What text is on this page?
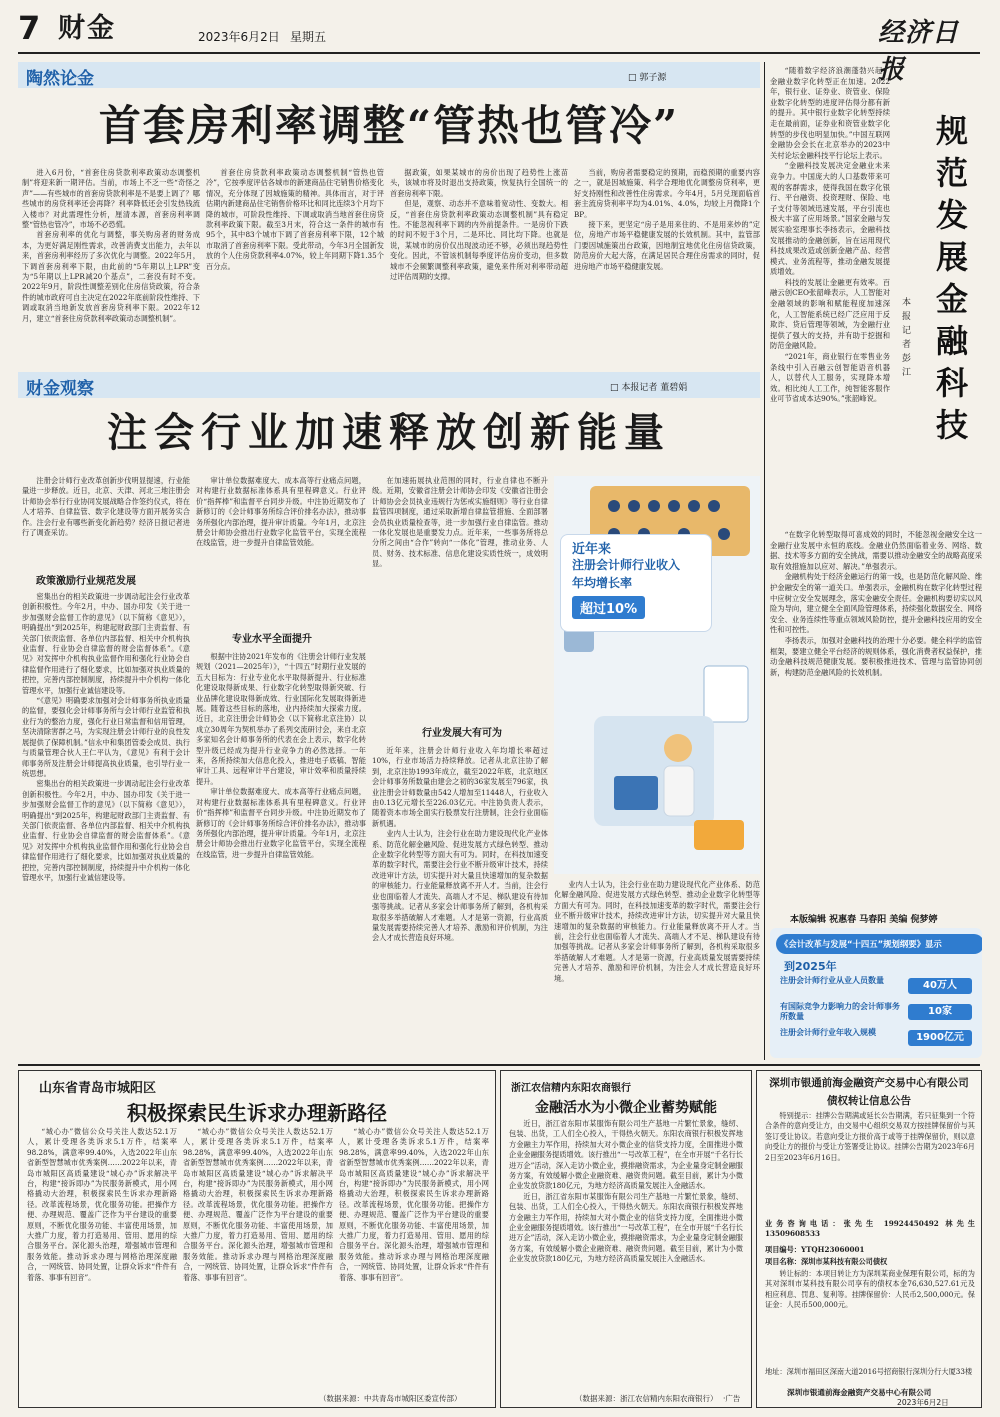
7 财金	2023年6月2日 星期五	经济日报
陶然论金	□ 郭子源
首套房利率调整“管热也管冷”

进入6月份，“首套住房贷款利率政策动态调整机制”将迎来新一期评估。当前，市场上不乏一些“奇怪之声”——有些城市的首套房贷款利率是不是要上调了？哪些城市的房贷利率还会再降？利率降低还会引发热钱流入楼市？对此需理性分析，厘清本源，首套房利率调整“管热也管冷”，市场不必恐慌。

首套房利率的优化与调整，事关购房者的财务成本，为更好满足刚性需求，改善消费支出能力，去年以来，首套房利率经历了多次优化与调整。2022年5月，下调首套房利率下限，由此前的“5年期以上LPR”变为“5年期以上LPR减20个基点”，二套没有时不变。2022年9月，阶段性调整差别化住房信贷政策，符合条件的城市政府可自主决定在2022年底前阶段性维持、下调或取消当地新发放首套房贷利率下限。2022年12月，建立“首套住房贷款利率政策动态调整机制”。

首套住房贷款利率政策动态调整机制“管热也管冷”，它按季度评估各城市的新建商品住宅销售价格变化情况，充分体现了因城施策的精神。具体而言，对于评估期内新建商品住宅销售价格环比和同比连续3个月均下降的城市，可阶段性维持、下调或取消当地首套住房贷款利率政策下限。截至3月末，符合这一条件的城市有95个，其中83个城市下调了首套房利率下限，12个城市取消了首套房利率下限。受此带动，今年3月全国新发放的个人住房贷款利率4.07%，较上年同期下降1.35个百分点。

据政策，如果某城市的房价出现了趋势性上涨苗头，该城市将及时退出支持政策，恢复执行全国统一的首套房利率下限。

但是，观察、动态并不意味着宽动性、变数大。相反，“首套住房贷款利率政策动态调整机制”具有稳定性。不能忽视利率下调的内外前提条件。一是房价下跌的时间不短于3个月，二是环比、同比均下降。也就是说，某城市的房价仅出现波动还不够，必须出现趋势性变化。因此，不管该机制每季度评估房价变动，但多数城市不会频繁调整利率政策，避免来件所对利率带动超过评估周期的支撑。

当前，购房者需要稳定的预期，而稳预期的重要内容之一，就是因城施策、科学合理地优化调整房贷利率，更好支持刚性和改善性住房需求。今年4月，5月兑现面临首套主流房贷利率平均为4.01%、4.0%，均较上月微降1个BP。

接下来，更坚定“房子是用来住的、不是用来炒的”定位，房地产市场平稳健康发展的长效机制。其中，监管部门要因城施策出台政策，因地制宜地优化住房信贷政策，防范房价大起大落，在满足居民合理住房需求的同时，促进房地产市场平稳健康发展。

财金观察	□ 本报记者 董碧娟
注会行业加速释放创新能量

注册会计师行业改革创新步伐明显提速，行业能量进一步释放。近日，北京、天津、河北三地注册会计师协会举行行业协同发展战略合作签约仪式，将在人才培养、自律监管、数字化建设等方面开展务实合作。注会行业有哪些新变化新趋势？经济日报记者进行了调查采访。

政策激励行业规范发展

密集出台的相关政策进一步调动起注会行业改革创新积极性。今年2月，中办、国办印发《关于进一步加强财会监督工作的意见》（以下简称《意见》），明确提出“到2025年，构建起财政部门主责监督、有关部门依责监督、各单位内部监督、相关中介机构执业监督、行业协会自律监督的财会监督体系”。《意见》对发挥中介机构执业监督作用和强化行业协会自律监督作用进行了细化要求，比如加强对执业质量的把控，完善内部控制制度，持续提升中介机构一体化管理水平，加强行业诚信建设等。

“《意见》明确要求加强对会计师事务所执业质量的监督，要强化会计师事务所与会计师行业监管和执业行为的整治力度，强化行业日常监督和信用管理，坚决清除害群之马，为实现注册会计师行业的良性发展提供了保障机制。”信永中和集团管委会成员、执行与质量管理合伙人王仁平认为，《意见》有利于会计师事务所及注册会计师提高执业质量，也引导行业一统思想。

密集出台的相关政策进一步调动起注会行业改革创新积极性。今年2月，中办、国办印发《关于进一步加强财会监督工作的意见》（以下简称《意见》），明确提出“到2025年，构建起财政部门主责监督、有关部门依责监督、各单位内部监督、相关中介机构执业监督、行业协会自律监督的财会监督体系”。《意见》对发挥中介机构执业监督作用和强化行业协会自律监督作用进行了细化要求，比如加强对执业质量的把控，完善内部控制制度，持续提升中介机构一体化管理水平，加强行业诚信建设等。

审计单位数据难度大、成本高等行业痛点问题，对构建行业数据标准体系具有里程碑意义。行业评价“指挥棒”和监督平台同步升级。中注协近期发布了新修订的《会计师事务所综合评价排名办法》，推动事务所强化内部治理，提升审计质量。今年1月，北京注册会计师协会推出行业数字化监管平台，实现全流程在线监管，进一步提升自律监管效能。

专业水平全面提升

根据中注协2021年发布的《注册会计师行业发展规划（2021—2025年）》，“十四五”时期行业发展的五大目标为：行业专业化水平取得新提升、行业标准化建设取得新成果、行业数字化转型取得新突破、行业品牌化建设取得新成效、行业国际化发展取得新进展。随着这些目标的落地，业内持续加大探索力度。近日，北京注册会计师协会（以下简称北京注协）以成立30周年为契机举办了系列交流研讨会，来自北京多家知名会计师事务所的代表在会上表示，数字化转型升级已经成为提升行业竞争力的必然选择。一年来，各所持续加大信息化投入，推进电子底稿、智能审计工具、远程审计平台建设，审计效率和质量持续提升。

审计单位数据难度大、成本高等行业痛点问题，对构建行业数据标准体系具有里程碑意义。行业评价“指挥棒”和监督平台同步升级。中注协近期发布了新修订的《会计师事务所综合评价排名办法》，推动事务所强化内部治理，提升审计质量。今年1月，北京注册会计师协会推出行业数字化监管平台，实现全流程在线监管，进一步提升自律监管效能。

在加速拓展执业范围的同时，行业自律也不断升级。近期，安徽省注册会计师协会印发《安徽省注册会计师协会会员执业违规行为惩戒实施细则》等行业自律监管四项制度，通过采取新增自律监管措施、全面部署会员执业质量检查等，进一步加强行业自律监管。推动一体化发展也是重要发力点。近年来，一些事务所将总分所之间由“合作”转向“一体化”管理，推动业务、人员、财务、技术标准、信息化建设实质性统一，成效明显。

行业发展大有可为

近年来，注册会计师行业收入年均增长率超过10%，行业市场活力持续释放。记者从北京注协了解到，北京注协1993年成立，截至2022年底，北京地区会计师事务所数量由建会之初的36家发展至796家，执业注册会计师数量由542人增加至11448人，行业收入由0.13亿元增长至226.03亿元。中注协负责人表示，随着资本市场全面实行股票发行注册制，注会行业面临新机遇。

业内人士认为，注会行业在助力建设现代化产业体系、防范化解金融风险、促进发展方式绿色转型、推动企业数字化转型等方面大有可为。同时，在科技加速变革的数字时代，需要注会行业不断升级审计技术，持续改进审计方法，切实提升对大量且快速增加的复杂数据的审核能力。行业能量释放离不开人才。当前，注会行业也面临着人才流失、高端人才不足、梯队建设有待加强等挑战。记者从多家会计师事务所了解到，各机构采取很多举措破解人才难题。人才是第一资源，行业高质量发展需要持续完善人才培养、激励和评价机制，为注会人才成长营造良好环境。

业内人士认为，注会行业在助力建设现代化产业体系、防范化解金融风险、促进发展方式绿色转型、推动企业数字化转型等方面大有可为。同时，在科技加速变革的数字时代，需要注会行业不断升级审计技术，持续改进审计方法，切实提升对大量且快速增加的复杂数据的审核能力。行业能量释放离不开人才。当前，注会行业也面临着人才流失、高端人才不足、梯队建设有待加强等挑战。记者从多家会计师事务所了解到，各机构采取很多举措破解人才难题。人才是第一资源，行业高质量发展需要持续完善人才培养、激励和评价机制，为注会人才成长营造良好环境。

近年来
注册会计师行业收入
年均增长率
超过10%

“随着数字经济浪潮蓬勃兴起，金融业数字化转型正在加速。2022年，银行业、证券业、资管业、保险业数字化转型的进度评估得分都有新的提升。其中银行业数字化转型持续走在最前面，证券业和资管业数字化转型的步伐也明显加快。”中国互联网金融协会会长在北京举办的2023中关村论坛金融科技平行论坛上表示。

“金融科技发展决定金融业未来竞争力。中国庞大的人口基数带来可观的客群需求，使得我国在数字化银行、平台融资、投资理财、保险、电子支付等领域迅速发展，平台引流也极大丰富了应用场景。”国家金融与发展实验室理事长李扬表示，金融科技发展推动的金融创新，旨在运用现代科技成果改造或创新金融产品、经营模式、业务流程等，推动金融发展提质增效。

科技的发展让金融更有效率。百融云创CEO张韶峰表示，人工智能对金融领域的影响和赋能程度加速深化，人工智能系统已经广泛应用于反欺诈、贷后管理等领域，为金融行业提供了强大的支持，并有助于挖掘和防范金融风险。

“2021年，商业银行在零售业务条线中引入百融云创智能语音机器人，以替代人工服务，实现降本增效。相比纯人工工作，纯智能客服作业可节省成本达90%。”张韶峰说。

规范发展金融科技
本报记者 彭江

“在数字化转型取得可喜成效的同时，不能忽视金融安全这一金融行业发展中永恒的底线。金融业仍然面临着业务、网络、数据、技术等多方面的安全挑战，需要以推动金融安全的战略高度采取有效措施加以应对、解决。”单强表示。

金融机构处于经济金融运行的第一线，也是防范化解风险、维护金融安全的第一道关口。单强表示，金融机构在数字化转型过程中应树立安全发展理念，落实金融安全责任。金融机构要切实以风险为导向，建立健全全面风险管理体系，持续强化数据安全、网络安全、业务连续性等重点领域风险防控，提升金融科技应用的安全性和可控性。

李扬表示，加强对金融科技的治理十分必要。健全科学的监管框架，要建立健全平台经济的规则体系，强化消费者权益保护，推动金融科技规范健康发展。要积极推进技术、管理与监管协同创新，构建防范金融风险的长效机制。

本版编辑 祝惠春 马春阳 美编 倪梦婷
《会计改革与发展“十四五”规划纲要》显示
到2025年
注册会计师行业从业人员数量	40万人
有国际竞争力影响力的会计师事务所数量	10家
注册会计师行业年收入规模	1900亿元
山东省青岛市城阳区
积极探索民生诉求办理新路径

“城心办”微信公众号关注人数达52.1万人，累计受理各类诉求5.1万件，结案率98.28%，满意率99.40%，入选2022年山东省新型智慧城市优秀案例……2022年以来，青岛市城阳区高质量建设“城心办”诉求解决平台，构建“接诉即办”为民服务新模式，用小网格撬动大治理，积极探索民生诉求办理新路径。改革流程场景，优化服务功能。把操作方便、办理规范、覆盖广泛作为平台建设的重要原则，不断优化服务功能、丰富使用场景，加大推广力度，着力打造易用、管用、愿用的综合服务平台。深化源头治理，增强城市管理和服务效能。推动诉求办理与网格治理深度融合，一网统管、协同处置，让群众诉求“件件有着落、事事有回音”。

“城心办”微信公众号关注人数达52.1万人，累计受理各类诉求5.1万件，结案率98.28%，满意率99.40%，入选2022年山东省新型智慧城市优秀案例……2022年以来，青岛市城阳区高质量建设“城心办”诉求解决平台，构建“接诉即办”为民服务新模式，用小网格撬动大治理，积极探索民生诉求办理新路径。改革流程场景，优化服务功能。把操作方便、办理规范、覆盖广泛作为平台建设的重要原则，不断优化服务功能、丰富使用场景，加大推广力度，着力打造易用、管用、愿用的综合服务平台。深化源头治理，增强城市管理和服务效能。推动诉求办理与网格治理深度融合，一网统管、协同处置，让群众诉求“件件有着落、事事有回音”。

“城心办”微信公众号关注人数达52.1万人，累计受理各类诉求5.1万件，结案率98.28%，满意率99.40%，入选2022年山东省新型智慧城市优秀案例……2022年以来，青岛市城阳区高质量建设“城心办”诉求解决平台，构建“接诉即办”为民服务新模式，用小网格撬动大治理，积极探索民生诉求办理新路径。改革流程场景，优化服务功能。把操作方便、办理规范、覆盖广泛作为平台建设的重要原则，不断优化服务功能、丰富使用场景，加大推广力度，着力打造易用、管用、愿用的综合服务平台。深化源头治理，增强城市管理和服务效能。推动诉求办理与网格治理深度融合，一网统管、协同处置，让群众诉求“件件有着落、事事有回音”。

（数据来源：中共青岛市城阳区委宣传部）
浙江农信精内东阳农商银行
金融活水为小微企业蓄势赋能

近日，浙江省东阳市某服饰有限公司生产基地一片繁忙景象，缝纫、包装、出货，工人们全心投入，干得热火朝天。东阳农商银行积极发挥地方金融主力军作用，持续加大对小微企业的信贷支持力度，全面推进小微企业金融服务提质增效。该行推出“一号改革工程”，在全市开展“千名行长进万企”活动，深入走访小微企业，摸排融资需求，为企业量身定制金融服务方案，有效缓解小微企业融资难、融资贵问题。截至目前，累计为小微企业发放贷款180亿元，为地方经济高质量发展注入金融活水。

近日，浙江省东阳市某服饰有限公司生产基地一片繁忙景象，缝纫、包装、出货，工人们全心投入，干得热火朝天。东阳农商银行积极发挥地方金融主力军作用，持续加大对小微企业的信贷支持力度，全面推进小微企业金融服务提质增效。该行推出“一号改革工程”，在全市开展“千名行长进万企”活动，深入走访小微企业，摸排融资需求，为企业量身定制金融服务方案，有效缓解小微企业融资难、融资贵问题。截至目前，累计为小微企业发放贷款180亿元，为地方经济高质量发展注入金融活水。

（数据来源：浙江农信精内东阳农商银行） ·广告
深圳市银通前海金融资产交易中心有限公司
债权转让信息公告

特别提示：挂牌公告期满或延长公告期满，若只征集到一个符合条件的意向受让方，由交易中心组织交易双方按挂牌保留价与其签订受让协议。若意向受让方报价高于或等于挂牌保留价，则以意向受让方的报价与受让方签署受让协议。挂牌公告期为2023年6月2日至2023年6月16日。

业务咨询电话：张先生 19924450492 林先生 13509608533
项目编号：YTQH23060001
项目名称：深圳市某科技有限公司债权

转让标的：本项目转让方为深圳某商业保理有限公司，标的为其对深圳市某科技有限公司享有的债权本金76,630,527.61元及相应利息、罚息、复利等。挂牌保留价：人民币2,500,000元。保证金：人民币500,000元。

地址：深圳市福田区深南大道2016号招商银行深圳分行大厦33楼
深圳市银通前海金融资产交易中心有限公司
2023年6月2日
